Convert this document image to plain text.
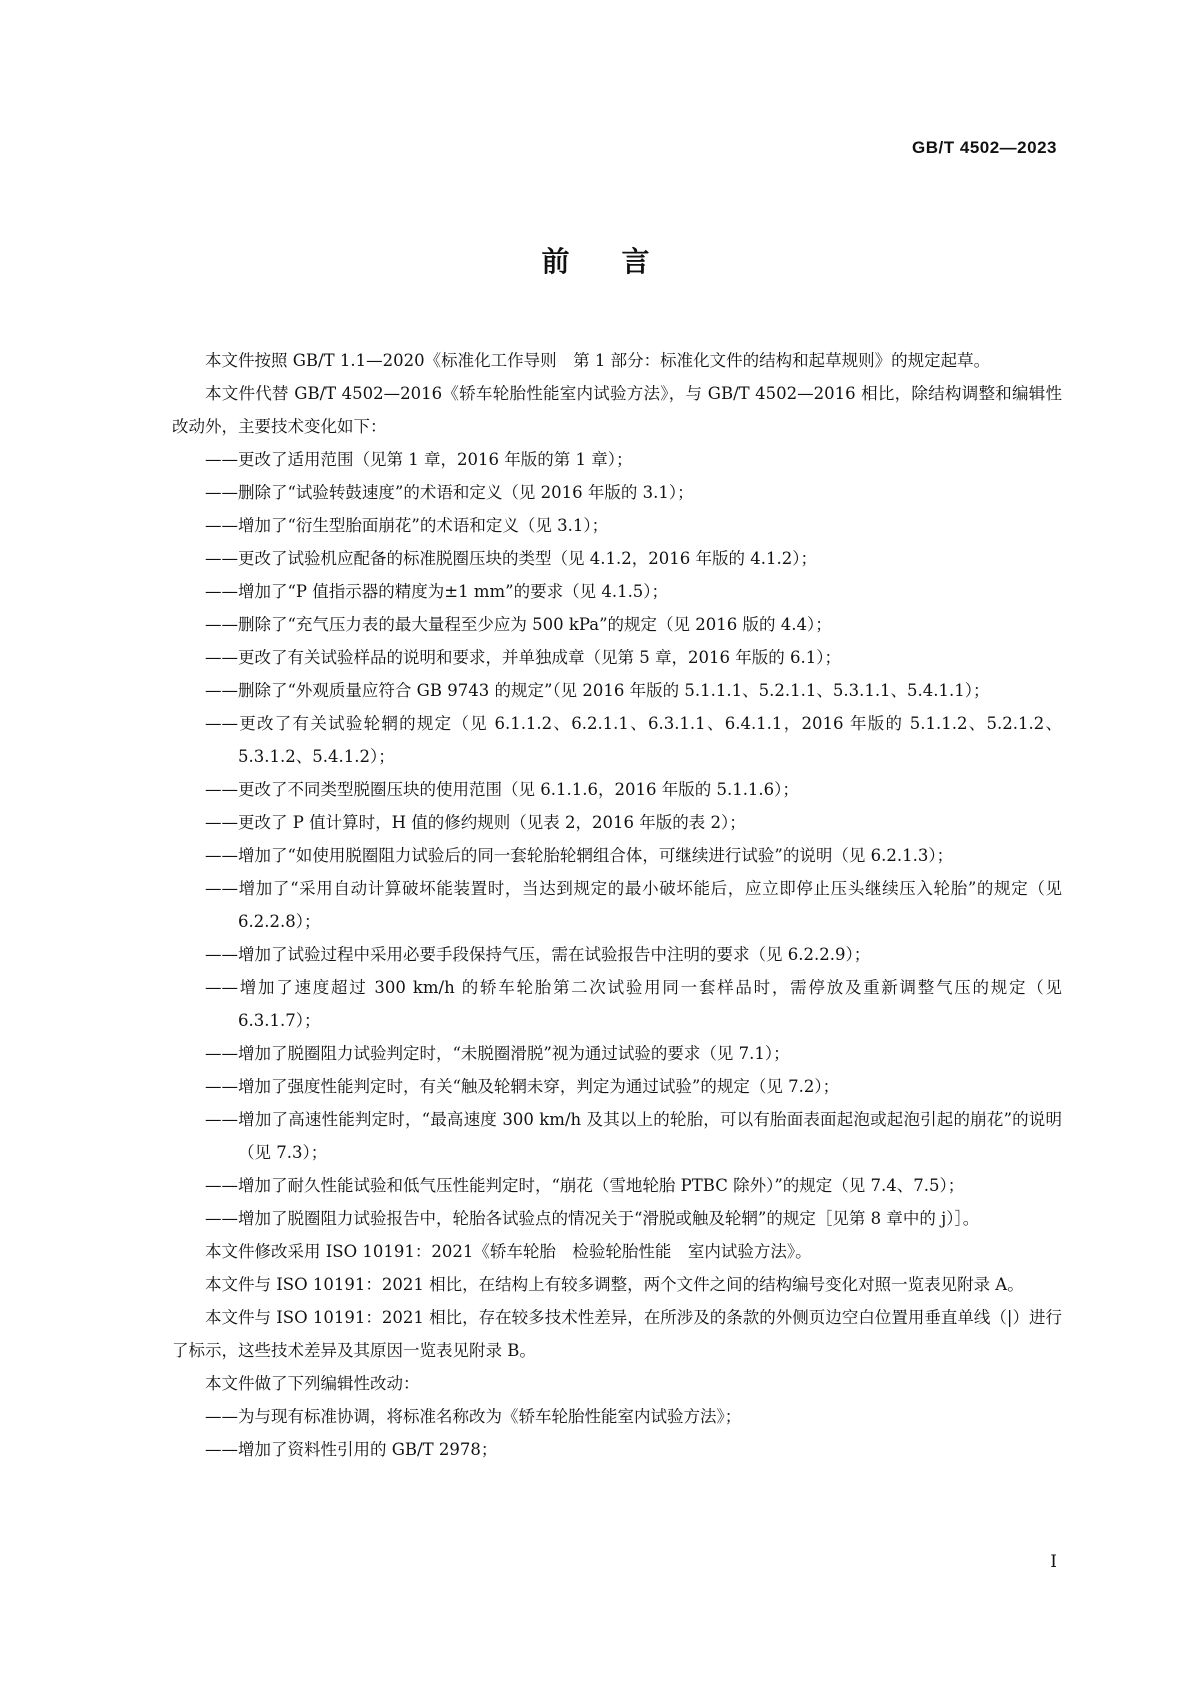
GB/T 4502—2023
前言

本文件按照 GB/T 1.1—2020《标准化工作导则　第 1 部分：标准化文件的结构和起草规则》的规定起草。

本文件代替 GB/T 4502—2016《轿车轮胎性能室内试验方法》，与 GB/T 4502—2016 相比，除结构调整和编辑性改动外，主要技术变化如下：

——更改了适用范围（见第 1 章，2016 年版的第 1 章）；

——删除了“试验转鼓速度”的术语和定义（见 2016 年版的 3.1）；

——增加了“衍生型胎面崩花”的术语和定义（见 3.1）；

——更改了试验机应配备的标准脱圈压块的类型（见 4.1.2，2016 年版的 4.1.2）；

——增加了“P 值指示器的精度为±1 mm”的要求（见 4.1.5）；

——删除了“充气压力表的最大量程至少应为 500 kPa”的规定（见 2016 版的 4.4）；

——更改了有关试验样品的说明和要求，并单独成章（见第 5 章，2016 年版的 6.1）；

——删除了“外观质量应符合 GB 9743 的规定”（见 2016 年版的 5.1.1.1、5.2.1.1、5.3.1.1、5.4.1.1）；

——更改了有关试验轮辋的规定（见 6.1.1.2、6.2.1.1、6.3.1.1、6.4.1.1，2016 年版的 5.1.1.2、5.2.1.2、5.3.1.2、5.4.1.2）；

——更改了不同类型脱圈压块的使用范围（见 6.1.1.6，2016 年版的 5.1.1.6）；

——更改了 P 值计算时，H 值的修约规则（见表 2，2016 年版的表 2）；

——增加了“如使用脱圈阻力试验后的同一套轮胎轮辋组合体，可继续进行试验”的说明（见 6.2.1.3）；

——增加了“采用自动计算破坏能装置时，当达到规定的最小破坏能后，应立即停止压头继续压入轮胎”的规定（见 6.2.2.8）；

——增加了试验过程中采用必要手段保持气压，需在试验报告中注明的要求（见 6.2.2.9）；

——增加了速度超过 300 km/h 的轿车轮胎第二次试验用同一套样品时，需停放及重新调整气压的规定（见 6.3.1.7）；

——增加了脱圈阻力试验判定时，“未脱圈滑脱”视为通过试验的要求（见 7.1）；

——增加了强度性能判定时，有关“触及轮辋未穿，判定为通过试验”的规定（见 7.2）；

——增加了高速性能判定时，“最高速度 300 km/h 及其以上的轮胎，可以有胎面表面起泡或起泡引起的崩花”的说明（见 7.3）；

——增加了耐久性能试验和低气压性能判定时，“崩花（雪地轮胎 PTBC 除外）”的规定（见 7.4、7.5）；

——增加了脱圈阻力试验报告中，轮胎各试验点的情况关于“滑脱或触及轮辋”的规定［见第 8 章中的 j）］。

本文件修改采用 ISO 10191：2021《轿车轮胎　检验轮胎性能　室内试验方法》。

本文件与 ISO 10191：2021 相比，在结构上有较多调整，两个文件之间的结构编号变化对照一览表见附录 A。

本文件与 ISO 10191：2021 相比，存在较多技术性差异，在所涉及的条款的外侧页边空白位置用垂直单线（|）进行了标示，这些技术差异及其原因一览表见附录 B。

本文件做了下列编辑性改动：

——为与现有标准协调，将标准名称改为《轿车轮胎性能室内试验方法》；

——增加了资料性引用的 GB/T 2978；

I
